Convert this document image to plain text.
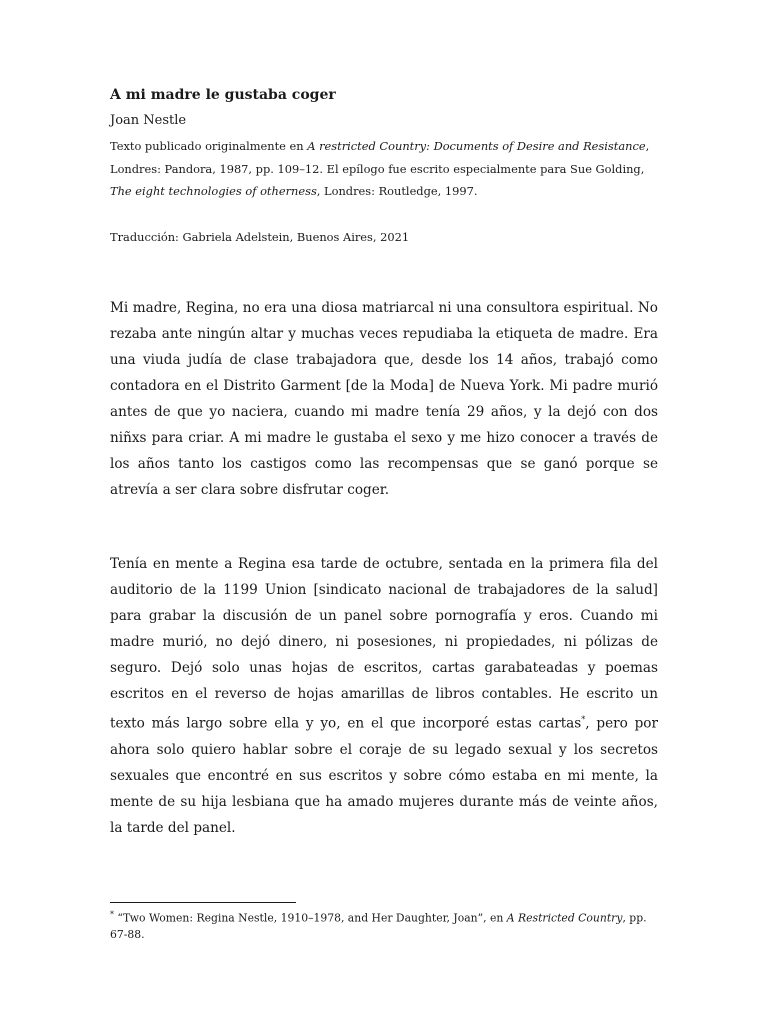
A mi madre le gustaba coger

Joan Nestle

Texto publicado originalmente en A restricted Country: Documents of Desire and Resistance, Londres: Pandora, 1987, pp. 109–12. El epílogo fue escrito especialmente para Sue Golding, The eight technologies of otherness, Londres: Routledge, 1997.

Traducción: Gabriela Adelstein, Buenos Aires, 2021

Mi madre, Regina, no era una diosa matriarcal ni una consultora espiritual. No rezaba ante ningún altar y muchas veces repudiaba la etiqueta de madre. Era una viuda judía de clase trabajadora que, desde los 14 años, trabajó como contadora en el Distrito Garment [de la Moda] de Nueva York. Mi padre murió antes de que yo naciera, cuando mi madre tenía 29 años, y la dejó con dos niñxs para criar. A mi madre le gustaba el sexo y me hizo conocer a través de los años tanto los castigos como las recompensas que se ganó porque se atrevía a ser clara sobre disfrutar coger.

Tenía en mente a Regina esa tarde de octubre, sentada en la primera fila del auditorio de la 1199 Union [sindicato nacional de trabajadores de la salud] para grabar la discusión de un panel sobre pornografía y eros. Cuando mi madre murió, no dejó dinero, ni posesiones, ni propiedades, ni pólizas de seguro. Dejó solo unas hojas de escritos, cartas garabateadas y poemas escritos en el reverso de hojas amarillas de libros contables. He escrito un texto más largo sobre ella y yo, en el que incorporé estas cartas*, pero por ahora solo quiero hablar sobre el coraje de su legado sexual y los secretos sexuales que encontré en sus escritos y sobre cómo estaba en mi mente, la mente de su hija lesbiana que ha amado mujeres durante más de veinte años, la tarde del panel.

* “Two Women: Regina Nestle, 1910–1978, and Her Daughter, Joan”, en A Restricted Country, pp. 67-88.
